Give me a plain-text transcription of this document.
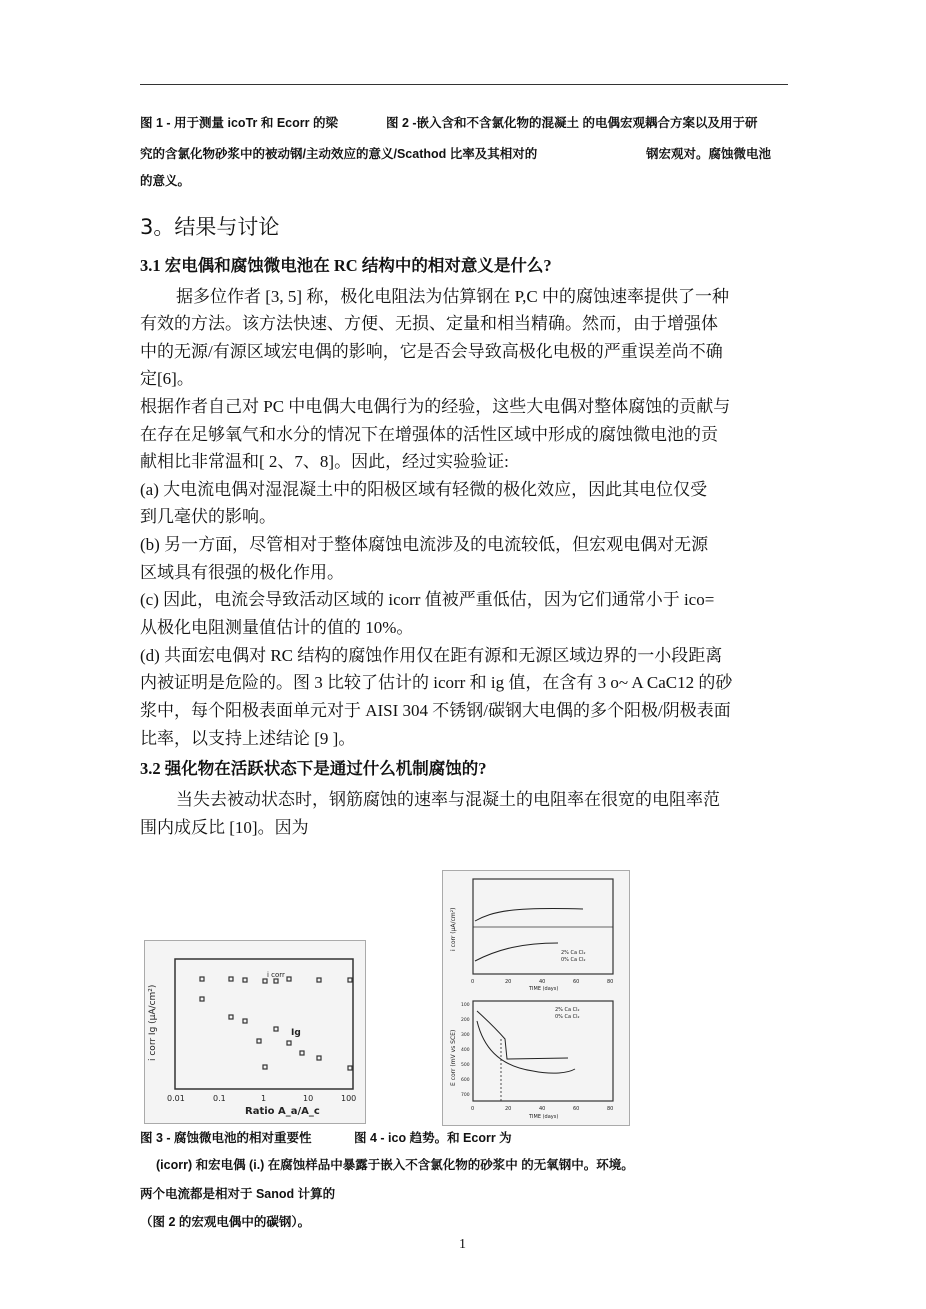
图 1 - 用于测量 icoTr 和 Ecorr 的梁	图 2 -嵌入含和不含氯化物的混凝土 的电偶宏观耦合方案以及用于研
究的含氯化物砂浆中的被动钢/主动效应的意义/Scathod 比率及其相对的	钢宏观对。腐蚀微电池
的意义。
3。结果与讨论
3.1 宏电偶和腐蚀微电池在 RC 结构中的相对意义是什么?
据多位作者 [3, 5] 称，极化电阻法为估算钢在 P,C 中的腐蚀速率提供了一种
有效的方法。该方法快速、方便、无损、定量和相当精确。然而，由于增强体
中的无源/有源区域宏电偶的影响，它是否会导致高极化电极的严重误差尚不确
定[6]。
根据作者自己对 PC 中电偶大电偶行为的经验，这些大电偶对整体腐蚀的贡献与
在存在足够氧气和水分的情况下在增强体的活性区域中形成的腐蚀微电池的贡
献相比非常温和[ 2、7、8]。因此，经过实验验证:
(a) 大电流电偶对湿混凝土中的阳极区域有轻微的极化效应，因此其电位仅受
到几毫伏的影响。
(b) 另一方面，尽管相对于整体腐蚀电流涉及的电流较低，但宏观电偶对无源
区域具有很强的极化作用。
(c) 因此，电流会导致活动区域的 icorr 值被严重低估，因为它们通常小于 ico=
从极化电阻测量值估计的值的 10%。
(d) 共面宏电偶对 RC 结构的腐蚀作用仅在距有源和无源区域边界的一小段距离
内被证明是危险的。图 3 比较了估计的 icorr 和 ig 值，在含有 3 o~ A CaC12 的砂
浆中，每个阳极表面单元对于 AISI 304 不锈钢/碳钢大电偶的多个阳极/阴极表面
比率，以支持上述结论 [9 ]。
3.2 强化物在活跃状态下是通过什么机制腐蚀的?
当失去被动状态时，钢筋腐蚀的速率与混凝土的电阻率在很宽的电阻率范
围内成反比 [10]。因为
i corr Ig (μA/cm²)
Ratio A_a/A_c
0.01	0.1	1	10	100
i corr
Ig
i corr (μA/cm²)
2% Ca Cl₂
0% Ca Cl₂
0	20	40	60	80
TIME (days)
E corr (mV vs SCE)
2% Ca Cl₂
0% Ca Cl₂
100
200
300
400
500
600
700
0	20	40	60	80
TIME (days)
图 3 - 腐蚀微电池的相对重要性	图 4 - ico 趋势。和 Ecorr 为
(icorr) 和宏电偶 (i.) 在腐蚀样品中暴露于嵌入不含氯化物的砂浆中 的无氧钢中。环境。
两个电流都是相对于 Sanod 计算的
（图 2 的宏观电偶中的碳钢）。
1
